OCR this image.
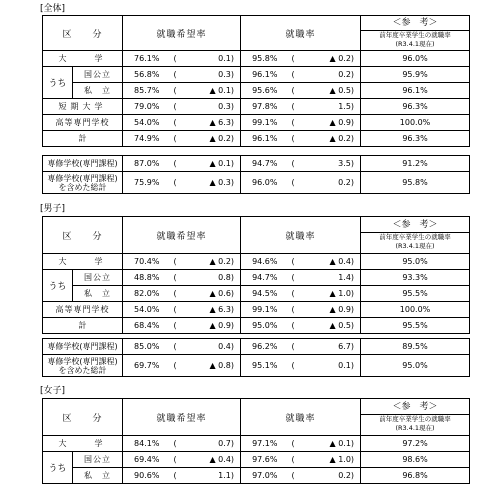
[全体]
区　　分		就職希望率		就職率		＜参　考＞
前年度卒業学生の就職率
(R3.4.1現在)

大　　学		76.1%	( 0.1)	95.8%	( ▲ 0.2)	96.0%
うち	国公立	56.8%	( 0.3)	96.1%	( 0.2)	95.9%
	私　立	85.7%	( ▲ 0.1)	95.6%	( ▲ 0.5)	96.1%
短期大学		79.0%	( 0.3)	97.8%	( 1.5)	96.3%
高等専門学校		54.0%	( ▲ 6.3)	99.1%	( ▲ 0.9)	100.0%
計		74.9%	( ▲ 0.2)	96.1%	( ▲ 0.2)	96.3%
専修学校(専門課程)	87.0%	( ▲ 0.1)	94.7%	( 3.5)	91.2%
専修学校(専門課程)
を含めた総計	75.9%	( ▲ 0.3)	96.0%	( 0.2)	95.8%
[男子]
区　　分		就職希望率		就職率		＜参　考＞
前年度卒業学生の就職率
(R3.4.1現在)

大　　学		70.4%	( ▲ 0.2)	94.6%	( ▲ 0.4)	95.0%
うち	国公立	48.8%	( 0.8)	94.7%	( 1.4)	93.3%
	私　立	82.0%	( ▲ 0.6)	94.5%	( ▲ 1.0)	95.5%
高等専門学校		54.0%	( ▲ 6.3)	99.1%	( ▲ 0.9)	100.0%
計		68.4%	( ▲ 0.9)	95.0%	( ▲ 0.5)	95.5%
専修学校(専門課程)	85.0%	( 0.4)	96.2%	( 6.7)	89.5%
専修学校(専門課程)
を含めた総計	69.7%	( ▲ 0.8)	95.1%	( 0.1)	95.0%
[女子]
区　　分		就職希望率		就職率		＜参　考＞
前年度卒業学生の就職率
(R3.4.1現在)

大　　学		84.1%	( 0.7)	97.1%	( ▲ 0.1)	97.2%
うち	国公立	69.4%	( ▲ 0.4)	97.6%	( ▲ 1.0)	98.6%
	私　立	90.6%	( 1.1)	97.0%	( 0.2)	96.8%
